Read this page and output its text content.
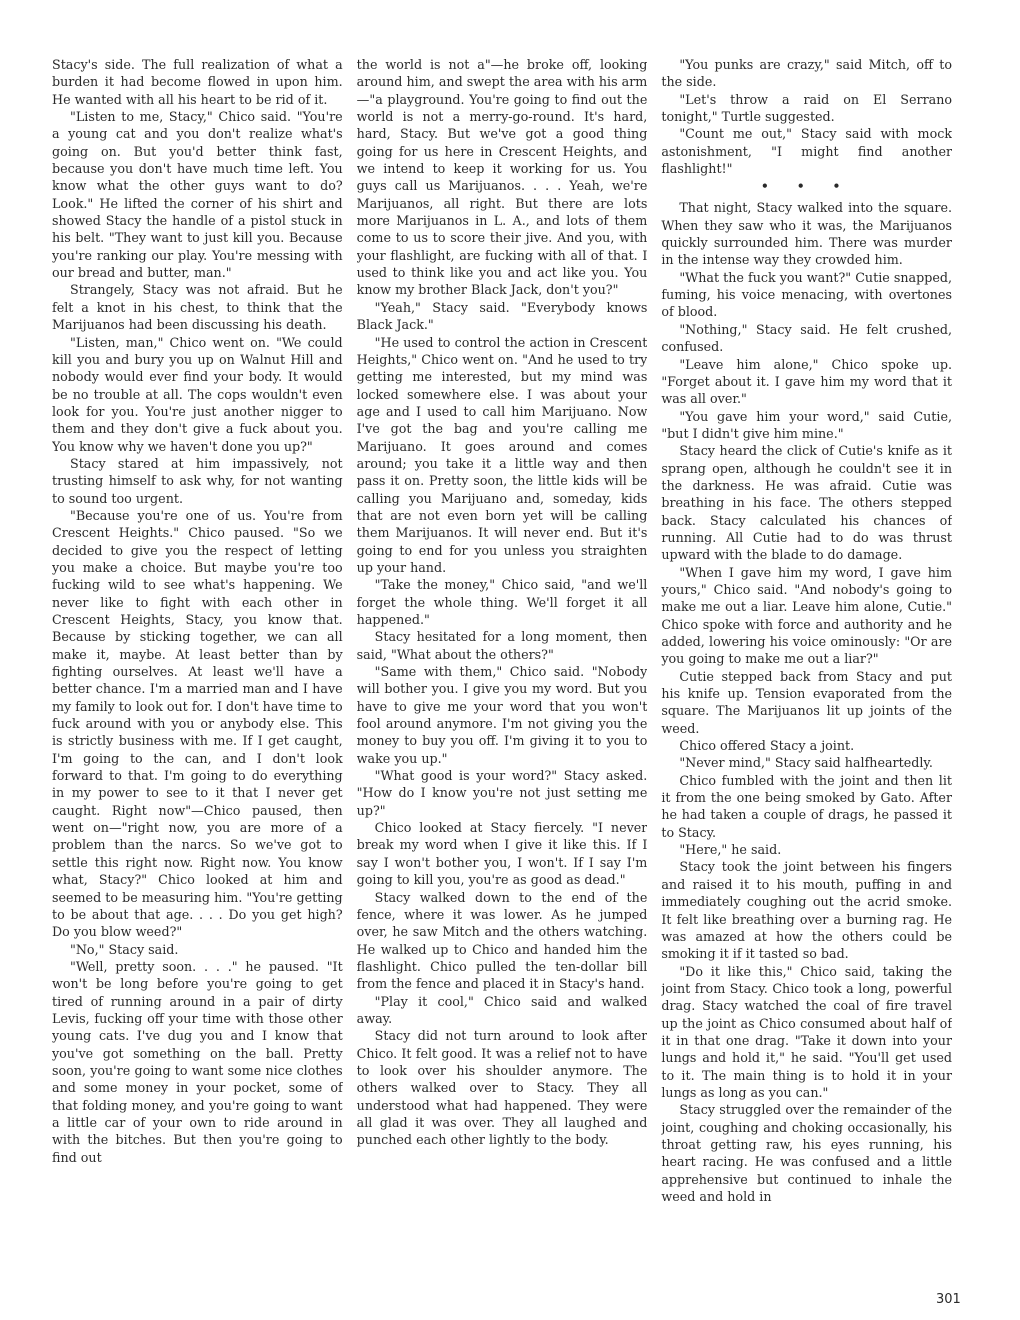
Stacy's side. The full realization of what a burden it had become flowed in upon him. He wanted with all his heart to be rid of it.

"Listen to me, Stacy," Chico said. "You're a young cat and you don't realize what's going on. But you'd better think fast, because you don't have much time left. You know what the other guys want to do? Look." He lifted the corner of his shirt and showed Stacy the handle of a pistol stuck in his belt. "They want to just kill you. Because you're ranking our play. You're messing with our bread and butter, man."

Strangely, Stacy was not afraid. But he felt a knot in his chest, to think that the Marijuanos had been discussing his death.

"Listen, man," Chico went on. "We could kill you and bury you up on Walnut Hill and nobody would ever find your body. It would be no trouble at all. The cops wouldn't even look for you. You're just another nigger to them and they don't give a fuck about you. You know why we haven't done you up?"

Stacy stared at him impassively, not trusting himself to ask why, for not wanting to sound too urgent.

"Because you're one of us. You're from Crescent Heights." Chico paused. "So we decided to give you the respect of letting you make a choice. But maybe you're too fucking wild to see what's happening. We never like to fight with each other in Crescent Heights, Stacy, you know that. Because by sticking together, we can all make it, maybe. At least better than by fighting ourselves. At least we'll have a better chance. I'm a married man and I have my family to look out for. I don't have time to fuck around with you or anybody else. This is strictly business with me. If I get caught, I'm going to the can, and I don't look forward to that. I'm going to do everything in my power to see to it that I never get caught. Right now"—Chico paused, then went on—"right now, you are more of a problem than the narcs. So we've got to settle this right now. Right now. You know what, Stacy?" Chico looked at him and seemed to be measuring him. "You're getting to be about that age. . . . Do you get high? Do you blow weed?"

"No," Stacy said.

"Well, pretty soon. . . ." he paused. "It won't be long before you're going to get tired of running around in a pair of dirty Levis, fucking off your time with those other young cats. I've dug you and I know that you've got something on the ball. Pretty soon, you're going to want some nice clothes and some money in your pocket, some of that folding money, and you're going to want a little car of your own to ride around in with the bitches. But then you're going to find out

the world is not a"—he broke off, looking around him, and swept the area with his arm—"a playground. You're going to find out the world is not a merry-go-round. It's hard, hard, Stacy. But we've got a good thing going for us here in Crescent Heights, and we intend to keep it working for us. You guys call us Marijuanos. . . . Yeah, we're Marijuanos, all right. But there are lots more Marijuanos in L. A., and lots of them come to us to score their jive. And you, with your flashlight, are fucking with all of that. I used to think like you and act like you. You know my brother Black Jack, don't you?"

"Yeah," Stacy said. "Everybody knows Black Jack."

"He used to control the action in Crescent Heights," Chico went on. "And he used to try getting me interested, but my mind was locked somewhere else. I was about your age and I used to call him Marijuano. Now I've got the bag and you're calling me Marijuano. It goes around and comes around; you take it a little way and then pass it on. Pretty soon, the little kids will be calling you Marijuano and, someday, kids that are not even born yet will be calling them Marijuanos. It will never end. But it's going to end for you unless you straighten up your hand.

"Take the money," Chico said, "and we'll forget the whole thing. We'll forget it all happened."

Stacy hesitated for a long moment, then said, "What about the others?"

"Same with them," Chico said. "Nobody will bother you. I give you my word. But you have to give me your word that you won't fool around anymore. I'm not giving you the money to buy you off. I'm giving it to you to wake you up."

"What good is your word?" Stacy asked. "How do I know you're not just setting me up?"

Chico looked at Stacy fiercely. "I never break my word when I give it like this. If I say I won't bother you, I won't. If I say I'm going to kill you, you're as good as dead."

Stacy walked down to the end of the fence, where it was lower. As he jumped over, he saw Mitch and the others watching. He walked up to Chico and handed him the flashlight. Chico pulled the ten-dollar bill from the fence and placed it in Stacy's hand.

"Play it cool," Chico said and walked away.

Stacy did not turn around to look after Chico. It felt good. It was a relief not to have to look over his shoulder anymore. The others walked over to Stacy. They all understood what had happened. They were all glad it was over. They all laughed and punched each other lightly to the body.

"You punks are crazy," said Mitch, off to the side.

"Let's throw a raid on El Serrano tonight," Turtle suggested.

"Count me out," Stacy said with mock astonishment, "I might find another flashlight!"

• • •

That night, Stacy walked into the square. When they saw who it was, the Marijuanos quickly surrounded him. There was murder in the intense way they crowded him.

"What the fuck you want?" Cutie snapped, fuming, his voice menacing, with overtones of blood.

"Nothing," Stacy said. He felt crushed, confused.

"Leave him alone," Chico spoke up. "Forget about it. I gave him my word that it was all over."

"You gave him your word," said Cutie, "but I didn't give him mine."

Stacy heard the click of Cutie's knife as it sprang open, although he couldn't see it in the darkness. He was afraid. Cutie was breathing in his face. The others stepped back. Stacy calculated his chances of running. All Cutie had to do was thrust upward with the blade to do damage.

"When I gave him my word, I gave him yours," Chico said. "And nobody's going to make me out a liar. Leave him alone, Cutie." Chico spoke with force and authority and he added, lowering his voice ominously: "Or are you going to make me out a liar?"

Cutie stepped back from Stacy and put his knife up. Tension evaporated from the square. The Marijuanos lit up joints of the weed.

Chico offered Stacy a joint.

"Never mind," Stacy said halfheartedly.

Chico fumbled with the joint and then lit it from the one being smoked by Gato. After he had taken a couple of drags, he passed it to Stacy.

"Here," he said.

Stacy took the joint between his fingers and raised it to his mouth, puffing in and immediately coughing out the acrid smoke. It felt like breathing over a burning rag. He was amazed at how the others could be smoking it if it tasted so bad.

"Do it like this," Chico said, taking the joint from Stacy. Chico took a long, powerful drag. Stacy watched the coal of fire travel up the joint as Chico consumed about half of it in that one drag. "Take it down into your lungs and hold it," he said. "You'll get used to it. The main thing is to hold it in your lungs as long as you can."

Stacy struggled over the remainder of the joint, coughing and choking occasionally, his throat getting raw, his eyes running, his heart racing. He was confused and a little apprehensive but continued to inhale the weed and hold in

301
